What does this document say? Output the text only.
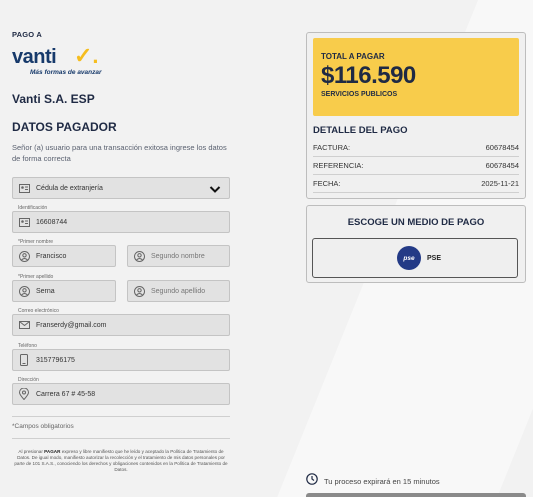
PAGO A
vanti ✓.
Más formas de avanzar
Vanti S.A. ESP
DATOS PAGADOR
Señor (a) usuario para una transacción exitosa ingrese los datos de forma correcta
Cédula de extranjería
16608744
Identificación
Francisco
*Primer nombre
Segundo nombre
Serna
*Primer apellido
Segundo apellido
Franserdy@gmail.com
Correo electrónico
3157796175
Teléfono
Carrera 67 # 45-58
Dirección
*Campos obligatorios
Al presionar PAGAR expreso y libre manifiesto que he leído y aceptado la Política de Tratamiento de Datos. De igual modo, manifiesto autorizar la recolección y el tratamiento de mis datos personales por parte de 101 S.A.S., conociendo los derechos y obligaciones contenidos en la Política de Tratamiento de Datos.
TOTAL A PAGAR
$116.590
SERVICIOS PUBLICOS
DETALLE DEL PAGO
FACTURA:	60678454
REFERENCIA:	60678454
FECHA:	2025-11-21
ESCOGE UN MEDIO DE PAGO
pse	PSE
Tu proceso expirará en 15 minutos
